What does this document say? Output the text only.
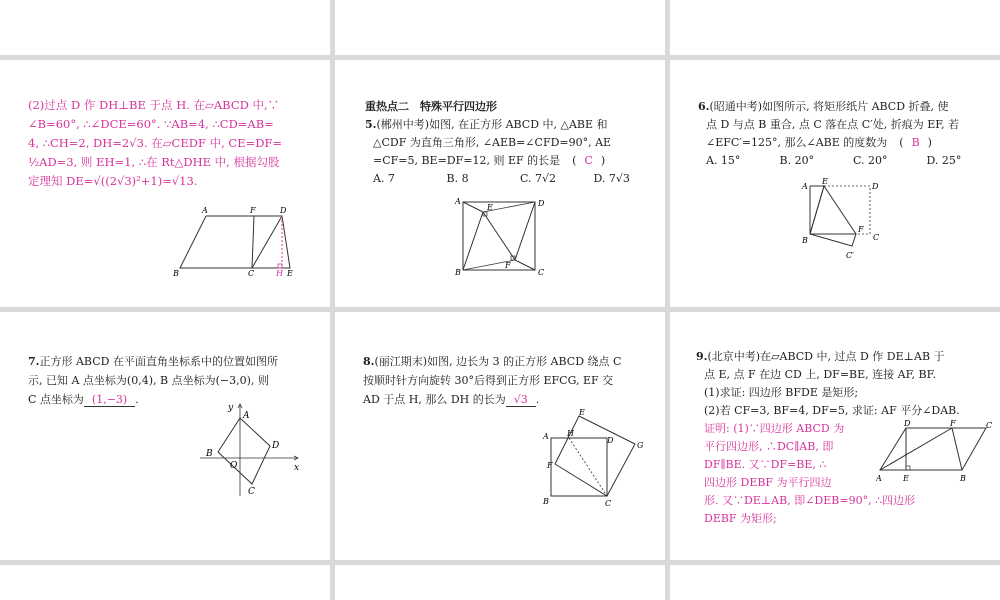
(2)过点 D 作 DH⊥BE 于点 H. 在▱ABCD 中,∵
∠B=60°, ∴∠DCE=60°. ∵AB=4, ∴CD=AB=
4, ∴CH=2, DH=2√3. 在▱CEDF 中, CE=DF=
½AD=3, 则 EH=1, ∴在 Rt△DHE 中, 根据勾股
定理知 DE=√((2√3)²+1)=√13.
A	F	D
B	C	H E
重热点二　特殊平行四边形
5.(郴州中考)如图, 在正方形 ABCD 中, △ABE 和
△CDF 为直角三角形, ∠AEB=∠CFD=90°, AE
=CF=5, BE=DF=12, 则 EF 的长是 ( C )
A. 7	B. 8	C. 7√2	D. 7√3
A	D
E
F
B	C
6.(昭通中考)如图所示, 将矩形纸片 ABCD 折叠, 使
点 D 与点 B 重合, 点 C 落在点 C′处, 折痕为 EF, 若
∠EFC′=125°, 那么∠ABE 的度数为 ( B )
A. 15°	B. 20°	C. 20°	D. 25°
A
E
D
B
F
C
C′
7.正方形 ABCD 在平面直角坐标系中的位置如图所
示, 已知 A 点坐标为(0,4), B 点坐标为(−3,0), 则
C 点坐标为 (1,−3) .
y
A
B
D
O	x
C
8.(丽江期末)如图, 边长为 3 的正方形 ABCD 绕点 C
按顺时针方向旋转 30°后得到正方形 EFCG, EF 交
AD 于点 H, 那么 DH 的长为 √3 .
E
A H
D
G
F
B	C
9.(北京中考)在▱ABCD 中, 过点 D 作 DE⊥AB 于
点 E, 点 F 在边 CD 上, DF=BE, 连接 AF, BF.
(1)求证: 四边形 BFDE 是矩形;
(2)若 CF=3, BF=4, DF=5, 求证: AF 平分∠DAB.
证明: (1)∵四边形 ABCD 为
平行四边形, ∴DC∥AB, 即
DF∥BE. 又∵DF=BE, ∴
四边形 DEBF 为平行四边
形. 又∵DE⊥AB, 即∠DEB=90°, ∴四边形
DEBF 为矩形;
D	F	C
A	E	B
